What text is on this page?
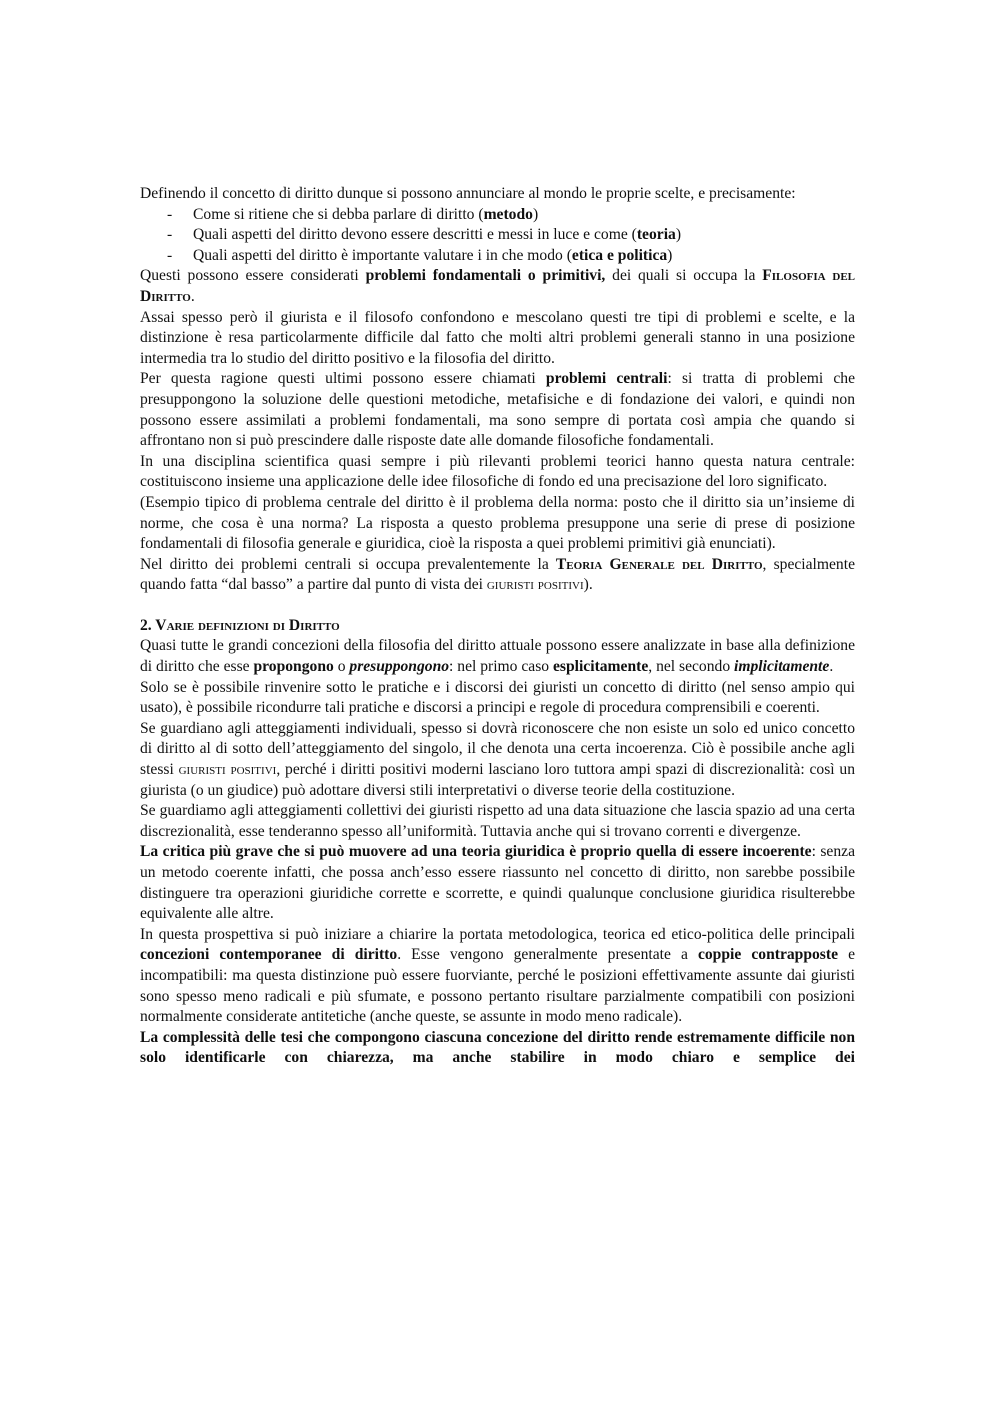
Definendo il concetto di diritto dunque si possono annunciare al mondo le proprie scelte, e precisamente:

- Come si ritiene che si debba parlare di diritto (metodo)
- Quali aspetti del diritto devono essere descritti e messi in luce e come (teoria)
- Quali aspetti del diritto è importante valutare i in che modo (etica e politica)

Questi possono essere considerati problemi fondamentali o primitivi, dei quali si occupa la Filosofia del Diritto.

Assai spesso però il giurista e il filosofo confondono e mescolano questi tre tipi di problemi e scelte, e la distinzione è resa particolarmente difficile dal fatto che molti altri problemi generali stanno in una posizione intermedia tra lo studio del diritto positivo e la filosofia del diritto.

Per questa ragione questi ultimi possono essere chiamati problemi centrali: si tratta di problemi che presuppongono la soluzione delle questioni metodiche, metafisiche e di fondazione dei valori, e quindi non possono essere assimilati a problemi fondamentali, ma sono sempre di portata così ampia che quando si affrontano non si può prescindere dalle risposte date alle domande filosofiche fondamentali.

In una disciplina scientifica quasi sempre i più rilevanti problemi teorici hanno questa natura centrale: costituiscono insieme una applicazione delle idee filosofiche di fondo ed una precisazione del loro significato.

(Esempio tipico di problema centrale del diritto è il problema della norma: posto che il diritto sia un’insieme di norme, che cosa è una norma? La risposta a questo problema presuppone una serie di prese di posizione fondamentali di filosofia generale e giuridica, cioè la risposta a quei problemi primitivi già enunciati).

Nel diritto dei problemi centrali si occupa prevalentemente la Teoria Generale del Diritto, specialmente quando fatta “dal basso” a partire dal punto di vista dei giuristi positivi).

2. Varie definizioni di Diritto

Quasi tutte le grandi concezioni della filosofia del diritto attuale possono essere analizzate in base alla definizione di diritto che esse propongono o presuppongono: nel primo caso esplicitamente, nel secondo implicitamente.

Solo se è possibile rinvenire sotto le pratiche e i discorsi dei giuristi un concetto di diritto (nel senso ampio qui usato), è possibile ricondurre tali pratiche e discorsi a principi e regole di procedura comprensibili e coerenti.

Se guardiano agli atteggiamenti individuali, spesso si dovrà riconoscere che non esiste un solo ed unico concetto di diritto al di sotto dell’atteggiamento del singolo, il che denota una certa incoerenza. Ciò è possibile anche agli stessi giuristi positivi, perché i diritti positivi moderni lasciano loro tuttora ampi spazi di discrezionalità: così un giurista (o un giudice) può adottare diversi stili interpretativi o diverse teorie della costituzione.

Se guardiamo agli atteggiamenti collettivi dei giuristi rispetto ad una data situazione che lascia spazio ad una certa discrezionalità, esse tenderanno spesso all’uniformità. Tuttavia anche qui si trovano correnti e divergenze.

La critica più grave che si può muovere ad una teoria giuridica è proprio quella di essere incoerente: senza un metodo coerente infatti, che possa anch’esso essere riassunto nel concetto di diritto, non sarebbe possibile distinguere tra operazioni giuridiche corrette e scorrette, e quindi qualunque conclusione giuridica risulterebbe equivalente alle altre.

In questa prospettiva si può iniziare a chiarire la portata metodologica, teorica ed etico-politica delle principali concezioni contemporanee di diritto. Esse vengono generalmente presentate a coppie contrapposte e incompatibili: ma questa distinzione può essere fuorviante, perché le posizioni effettivamente assunte dai giuristi sono spesso meno radicali e più sfumate, e possono pertanto risultare parzialmente compatibili con posizioni normalmente considerate antitetiche (anche queste, se assunte in modo meno radicale).

La complessità delle tesi che compongono ciascuna concezione del diritto rende estremamente difficile non solo identificarle con chiarezza, ma anche stabilire in modo chiaro e semplice dei
